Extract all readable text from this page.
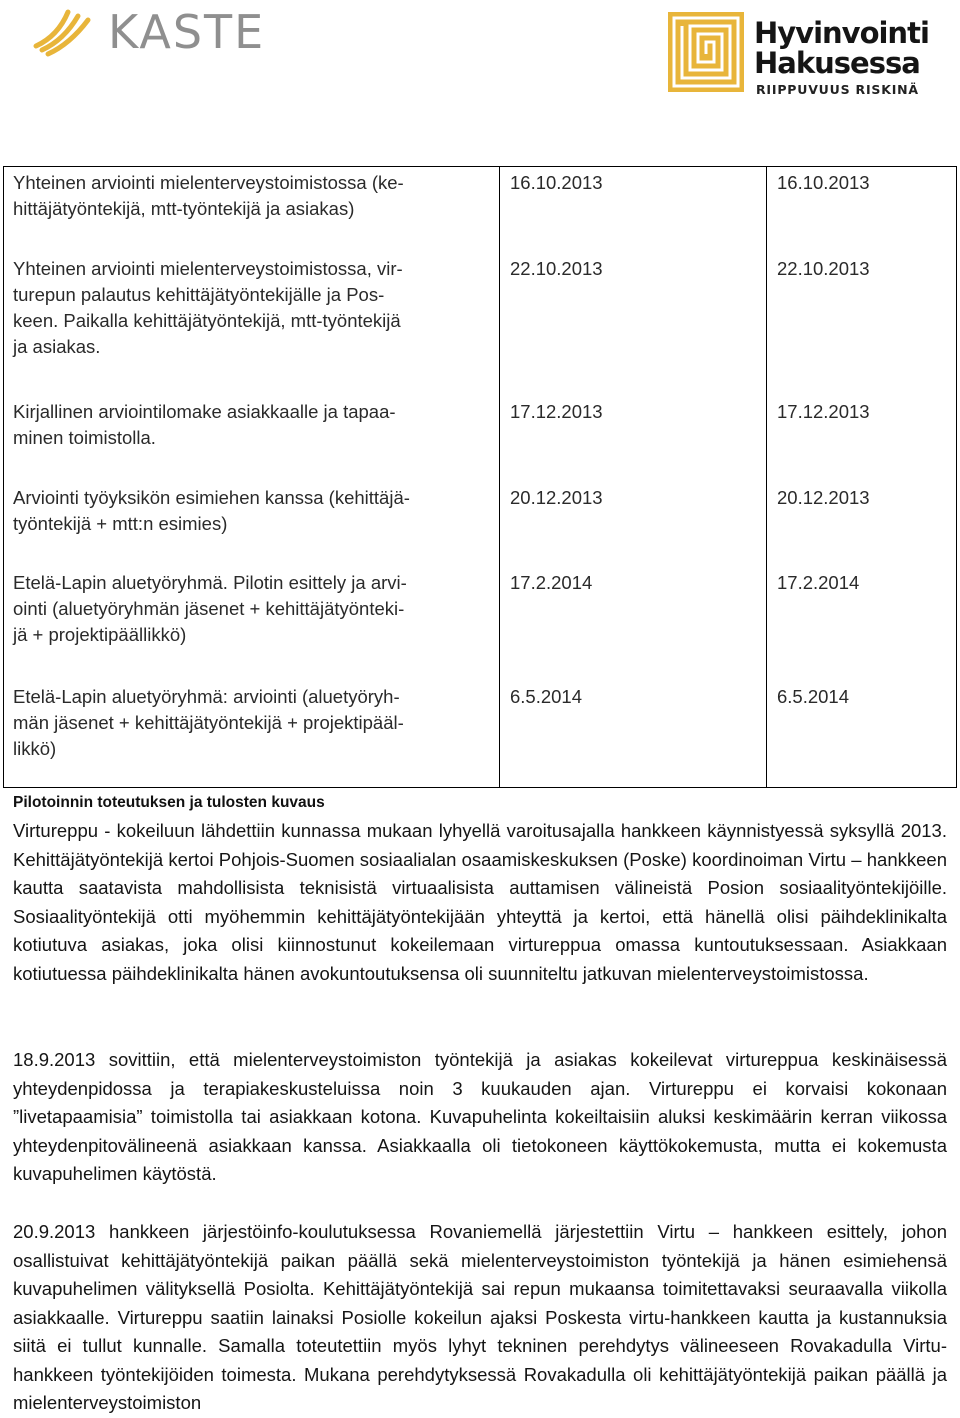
KASTE	Hyvinvointi
Hakusessa
RIIPPUVUUS RISKINÄ
Yhteinen arviointi mielenterveystoimistossa (ke-
hittäjätyöntekijä, mtt-työntekijä ja asiakas)
16.10.2013	16.10.2013
Yhteinen arviointi mielenterveystoimistossa, vir-
turepun palautus kehittäjätyöntekijälle ja Pos-
keen. Paikalla kehittäjätyöntekijä, mtt-työntekijä
ja asiakas.
22.10.2013	22.10.2013
Kirjallinen arviointilomake asiakkaalle ja tapaa-
minen toimistolla.
17.12.2013	17.12.2013
Arviointi työyksikön esimiehen kanssa (kehittäjä-
työntekijä + mtt:n esimies)
20.12.2013	20.12.2013
Etelä-Lapin aluetyöryhmä. Pilotin esittely ja arvi-
ointi (aluetyöryhmän jäsenet + kehittäjätyönteki-
jä + projektipäällikkö)
17.2.2014	17.2.2014
Etelä-Lapin aluetyöryhmä: arviointi (aluetyöryh-
män jäsenet + kehittäjätyöntekijä + projektipääl-
likkö)
6.5.2014	6.5.2014
Pilotoinnin toteutuksen ja tulosten kuvaus
Virtureppu - kokeiluun lähdettiin kunnassa mukaan lyhyellä varoitusajalla hankkeen käynnistyessä syksyllä 2013. Kehittäjätyöntekijä kertoi Pohjois-Suomen sosiaalialan osaamiskeskuksen (Poske) koordinoiman Virtu – hankkeen kautta saatavista mahdollisista teknisistä virtuaalisista auttamisen välineistä Posion sosiaalityöntekijöille. Sosiaalityöntekijä otti myöhemmin kehittäjätyöntekijään yhteyttä ja kertoi, että hänellä olisi päihdeklinikalta kotiutuva asiakas, joka olisi kiinnostunut kokeilemaan virtureppua omassa kuntoutuksessaan. Asiakkaan kotiutuessa päihdeklinikalta hänen avokuntoutuksensa oli suunniteltu jatkuvan mielenterveystoimistossa.
18.9.2013 sovittiin, että mielenterveystoimiston työntekijä ja asiakas kokeilevat virtureppua keskinäisessä yhteydenpidossa ja terapiakeskusteluissa noin 3 kuukauden ajan. Virtureppu ei korvaisi kokonaan ”livetapaamisia” toimistolla tai asiakkaan kotona. Kuvapuhelinta kokeiltaisiin aluksi keskimäärin kerran viikossa yhteydenpitovälineenä asiakkaan kanssa. Asiakkaalla oli tietokoneen käyttökokemusta, mutta ei kokemusta kuvapuhelimen käytöstä.
20.9.2013 hankkeen järjestöinfo-koulutuksessa Rovaniemellä järjestettiin Virtu – hankkeen esittely, johon osallistuivat kehittäjätyöntekijä paikan päällä sekä mielenterveystoimiston työntekijä ja hänen esimiehensä kuvapuhelimen välityksellä Posiolta. Kehittäjätyöntekijä sai repun mukaansa toimitettavaksi seuraavalla viikolla asiakkaalle. Virtureppu saatiin lainaksi Posiolle kokeilun ajaksi Poskesta virtu-hankkeen kautta ja kustannuksia siitä ei tullut kunnalle. Samalla toteutettiin myös lyhyt tekninen perehdytys välineeseen Rovakadulla Virtu-hankkeen työntekijöiden toimesta. Mukana perehdytyksessä Rovakadulla oli kehittäjätyöntekijä paikan päällä ja mielenterveystoimiston
